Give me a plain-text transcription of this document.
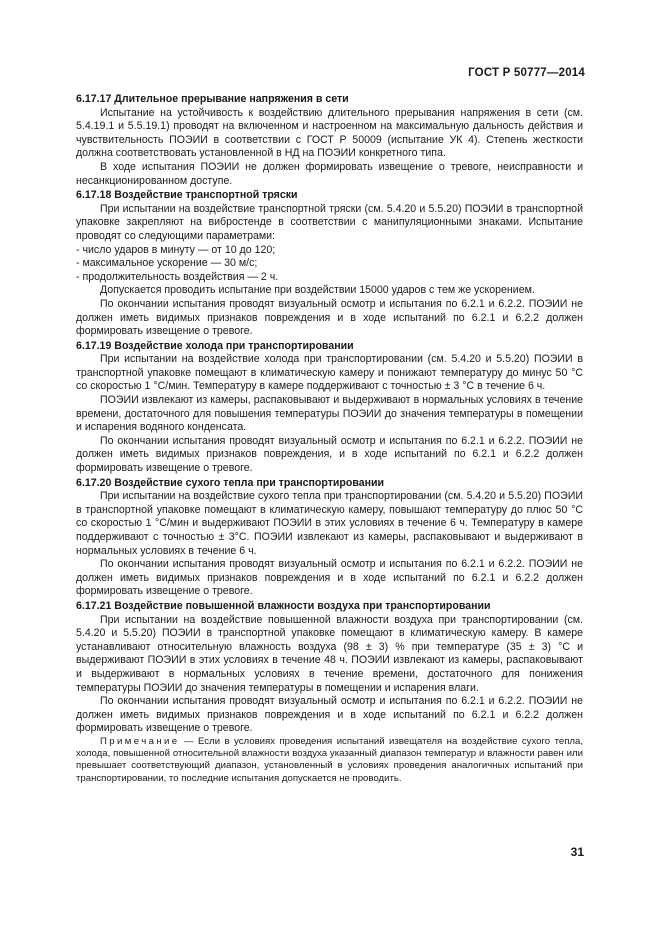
ГОСТ Р 50777—2014

6.17.17 Длительное прерывание напряжения в сети

Испытание на устойчивость к воздействию длительного прерывания напряжения в сети (см. 5.4.19.1 и 5.5.19.1) проводят на включенном и настроенном на максимальную дальность действия и чувствительность ПОЭИИ в соответствии с ГОСТ Р 50009 (испытание УК 4). Степень жесткости должна соответствовать установленной в НД на ПОЭИИ конкретного типа.

В ходе испытания ПОЭИИ не должен формировать извещение о тревоге, неисправности и несанкционированном доступе.

6.17.18 Воздействие транспортной тряски

При испытании на воздействие транспортной тряски (см. 5.4.20 и 5.5.20) ПОЭИИ в транспортной упаковке закрепляют на вибростенде в соответствии с манипуляционными знаками. Испытание проводят со следующими параметрами:

- число ударов в минуту — от 10 до 120;

- максимальное ускорение — 30 м/с;

- продолжительность воздействия — 2 ч.

Допускается проводить испытание при воздействии 15000 ударов с тем же ускорением.

По окончании испытания проводят визуальный осмотр и испытания по 6.2.1 и 6.2.2. ПОЭИИ не должен иметь видимых признаков повреждения и в ходе испытаний по 6.2.1 и 6.2.2 должен формировать извещение о тревоге.

6.17.19 Воздействие холода при транспортировании

При испытании на воздействие холода при транспортировании (см. 5.4.20 и 5.5.20) ПОЭИИ в транспортной упаковке помещают в климатическую камеру и понижают температуру до минус 50 °С со скоростью 1 °С/мин. Температуру в камере поддерживают с точностью ± 3 °С в течение 6 ч.

ПОЭИИ извлекают из камеры, распаковывают и выдерживают в нормальных условиях в течение времени, достаточного для повышения температуры ПОЭИИ до значения температуры в помещении и испарения водяного конденсата.

По окончании испытания проводят визуальный осмотр и испытания по 6.2.1 и 6.2.2. ПОЭИИ не должен иметь видимых признаков повреждения, и в ходе испытаний по 6.2.1 и 6.2.2 должен формировать извещение о тревоге.

6.17.20 Воздействие сухого тепла при транспортировании

При испытании на воздействие сухого тепла при транспортировании (см. 5.4.20 и 5.5.20) ПОЭИИ в транспортной упаковке помещают в климатическую камеру, повышают температуру до плюс 50 °С со скоростью 1 °С/мин и выдерживают ПОЭИИ в этих условиях в течение 6 ч. Температуру в камере поддерживают с точностью ± 3°С. ПОЭИИ извлекают из камеры, распаковывают и выдерживают в нормальных условиях в течение 6 ч.

По окончании испытания проводят визуальный осмотр и испытания по 6.2.1 и 6.2.2. ПОЭИИ не должен иметь видимых признаков повреждения и в ходе испытаний по 6.2.1 и 6.2.2 должен формировать извещение о тревоге.

6.17.21 Воздействие повышенной влажности воздуха при транспортировании

При испытании на воздействие повышенной влажности воздуха при транспортировании (см. 5.4.20 и 5.5.20) ПОЭИИ в транспортной упаковке помещают в климатическую камеру. В камере устанавливают относительную влажность воздуха (98 ± 3) % при температуре (35 ± 3) °С и выдерживают ПОЭИИ в этих условиях в течение 48 ч. ПОЭИИ извлекают из камеры, распаковывают и выдерживают в нормальных условиях в течение времени, достаточного для понижения температуры ПОЭИИ до значения температуры в помещении и испарения влаги.

По окончании испытания проводят визуальный осмотр и испытания по 6.2.1 и 6.2.2. ПОЭИИ не должен иметь видимых признаков повреждения и в ходе испытаний по 6.2.1 и 6.2.2 должен формировать извещение о тревоге.

Примечание — Если в условиях проведения испытаний извещателя на воздействие сухого тепла, холода, повышенной относительной влажности воздуха указанный диапазон температур и влажности равен или превышает соответствующий диапазон, установленный в условиях проведения аналогичных испытаний при транспортировании, то последние испытания допускается не проводить.

31
